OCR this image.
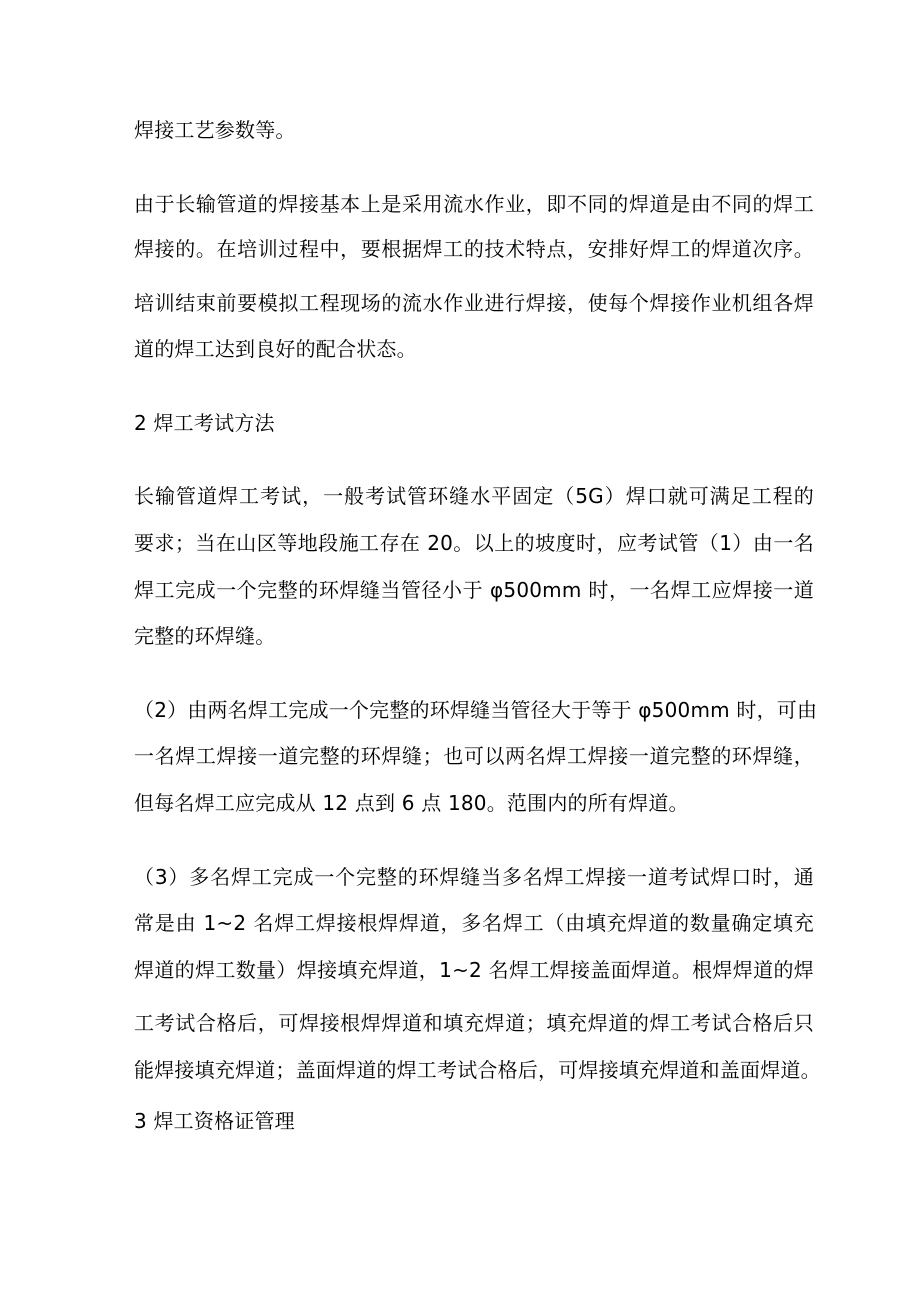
焊接工艺参数等。
由于长输管道的焊接基本上是采用流水作业，即不同的焊道是由不同的焊工
焊接的。在培训过程中，要根据焊工的技术特点，安排好焊工的焊道次序。
培训结束前要模拟工程现场的流水作业进行焊接，使每个焊接作业机组各焊
道的焊工达到良好的配合状态。
2 焊工考试方法
长输管道焊工考试，一般考试管环缝水平固定（5G）焊口就可满足工程的
要求；当在山区等地段施工存在 20。以上的坡度时，应考试管（1）由一名
焊工完成一个完整的环焊缝当管径小于 φ500mm 时，一名焊工应焊接一道
完整的环焊缝。
（2）由两名焊工完成一个完整的环焊缝当管径大于等于 φ500mm 时，可由
一名焊工焊接一道完整的环焊缝；也可以两名焊工焊接一道完整的环焊缝，
但每名焊工应完成从 12 点到 6 点 180。范围内的所有焊道。
（3）多名焊工完成一个完整的环焊缝当多名焊工焊接一道考试焊口时，通
常是由 1~2 名焊工焊接根焊焊道，多名焊工（由填充焊道的数量确定填充
焊道的焊工数量）焊接填充焊道，1~2 名焊工焊接盖面焊道。根焊焊道的焊
工考试合格后，可焊接根焊焊道和填充焊道；填充焊道的焊工考试合格后只
能焊接填充焊道；盖面焊道的焊工考试合格后，可焊接填充焊道和盖面焊道。
3 焊工资格证管理
